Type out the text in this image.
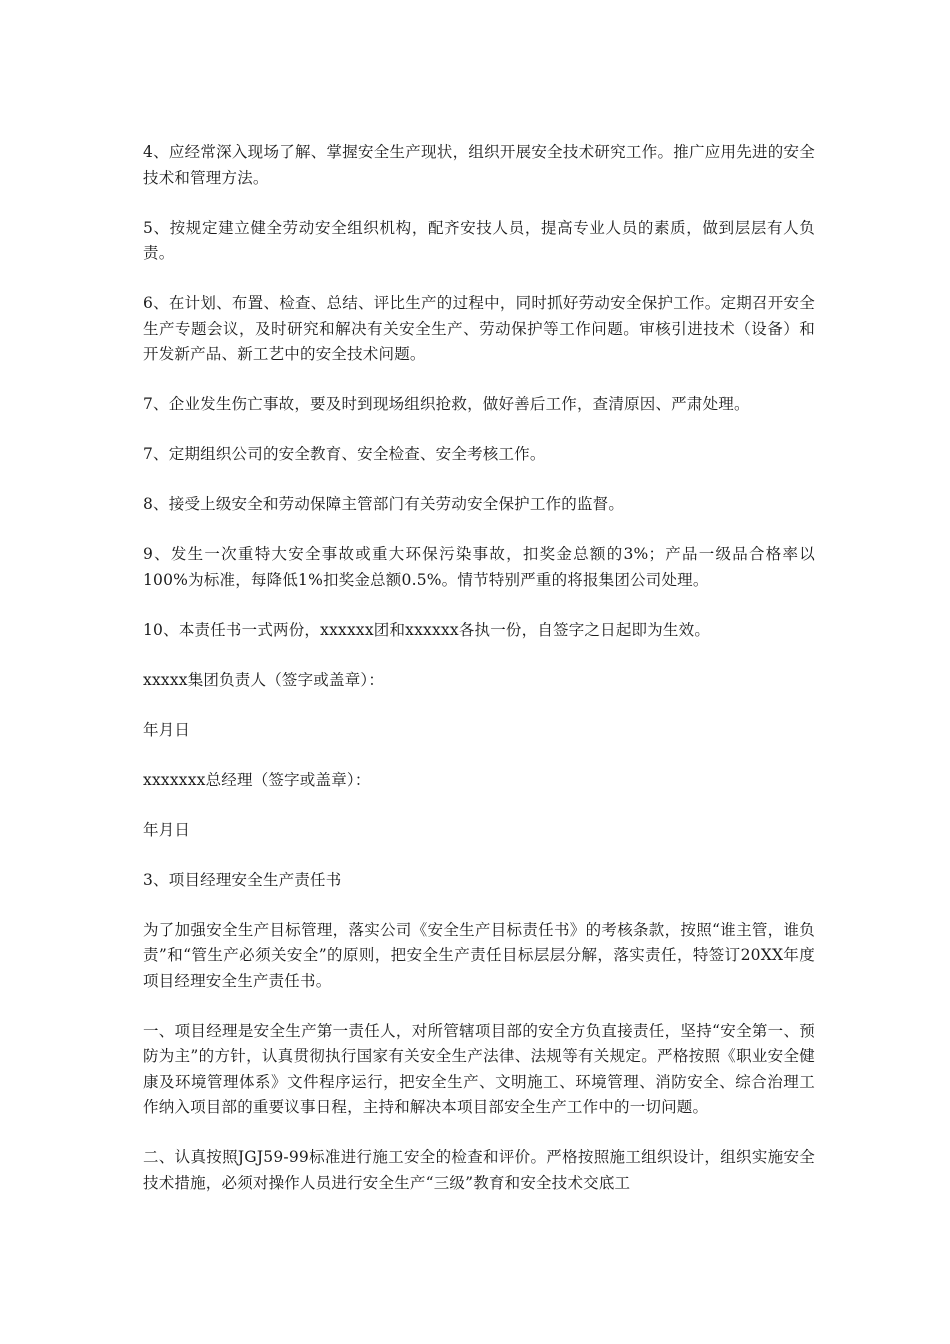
4、应经常深入现场了解、掌握安全生产现状，组织开展安全技术研究工作。推广应用先进的安全技术和管理方法。

5、按规定建立健全劳动安全组织机构，配齐安技人员，提高专业人员的素质，做到层层有人负责。

6、在计划、布置、检查、总结、评比生产的过程中，同时抓好劳动安全保护工作。定期召开安全生产专题会议，及时研究和解决有关安全生产、劳动保护等工作问题。审核引进技术（设备）和开发新产品、新工艺中的安全技术问题。

7、企业发生伤亡事故，要及时到现场组织抢救，做好善后工作，查清原因、严肃处理。

7、定期组织公司的安全教育、安全检查、安全考核工作。

8、接受上级安全和劳动保障主管部门有关劳动安全保护工作的监督。

9、发生一次重特大安全事故或重大环保污染事故，扣奖金总额的3%；产品一级品合格率以100%为标准，每降低1%扣奖金总额0.5%。情节特别严重的将报集团公司处理。

10、本责任书一式两份，xxxxxx团和xxxxxx各执一份，自签字之日起即为生效。

xxxxx集团负责人（签字或盖章）：

年月日

xxxxxxx总经理（签字或盖章）：

年月日

3、项目经理安全生产责任书

为了加强安全生产目标管理，落实公司《安全生产目标责任书》的考核条款，按照“谁主管，谁负责”和“管生产必须关安全”的原则，把安全生产责任目标层层分解，落实责任，特签订20XX年度项目经理安全生产责任书。

一、项目经理是安全生产第一责任人，对所管辖项目部的安全方负直接责任，坚持“安全第一、预防为主”的方针，认真贯彻执行国家有关安全生产法律、法规等有关规定。严格按照《职业安全健康及环境管理体系》文件程序运行，把安全生产、文明施工、环境管理、消防安全、综合治理工作纳入项目部的重要议事日程，主持和解决本项目部安全生产工作中的一切问题。

二、认真按照JGJ59-99标准进行施工安全的检查和评价。严格按照施工组织设计，组织实施安全技术措施，必须对操作人员进行安全生产“三级”教育和安全技术交底工
